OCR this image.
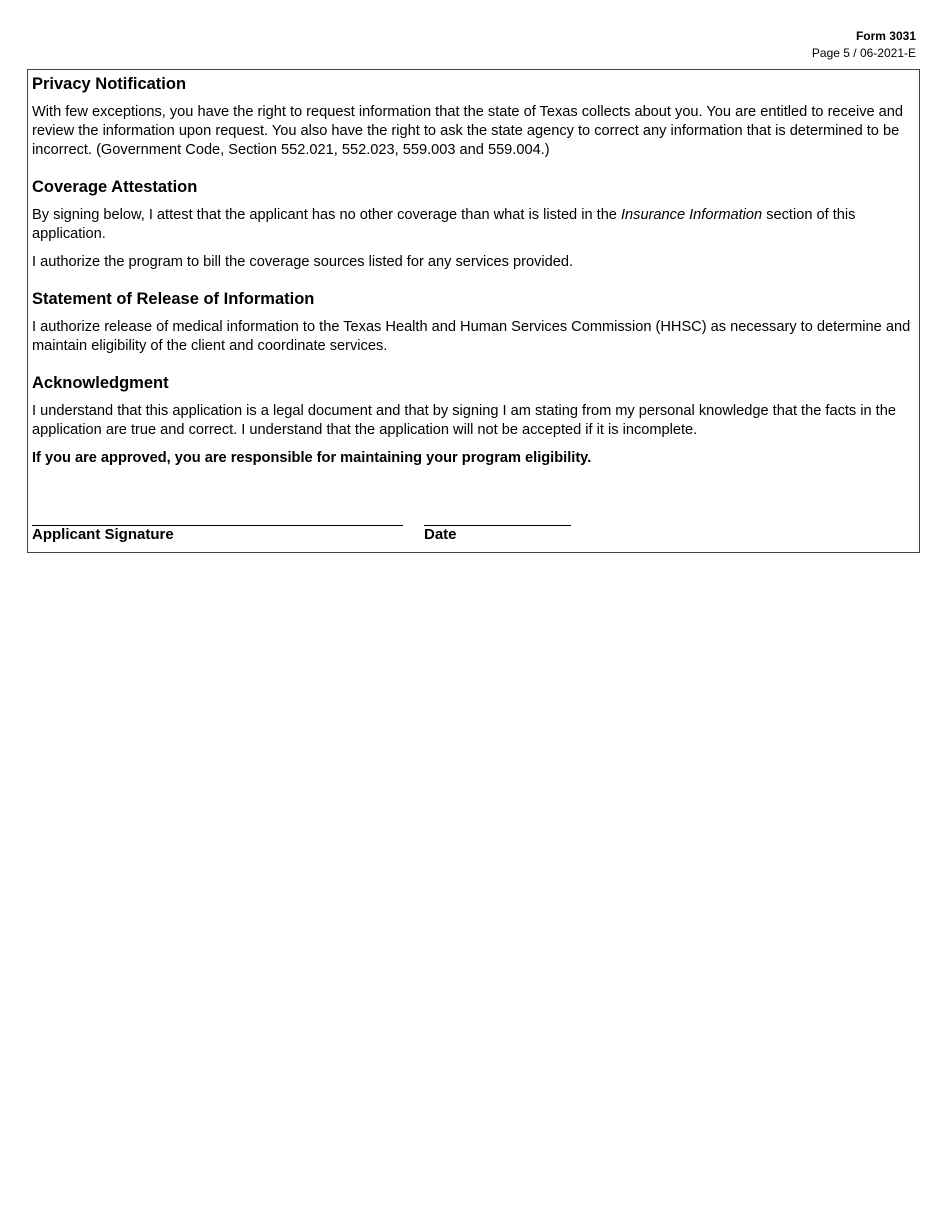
Form 3031
Page 5 / 06-2021-E
Privacy Notification

With few exceptions, you have the right to request information that the state of Texas collects about you. You are entitled to receive and review the information upon request. You also have the right to ask the state agency to correct any information that is determined to be incorrect. (Government Code, Section 552.021, 552.023, 559.003 and 559.004.)

Coverage Attestation

By signing below, I attest that the applicant has no other coverage than what is listed in the Insurance Information section of this application.

I authorize the program to bill the coverage sources listed for any services provided.

Statement of Release of Information

I authorize release of medical information to the Texas Health and Human Services Commission (HHSC) as necessary to determine and maintain eligibility of the client and coordinate services.

Acknowledgment

I understand that this application is a legal document and that by signing I am stating from my personal knowledge that the facts in the application are true and correct. I understand that the application will not be accepted if it is incomplete.

If you are approved, you are responsible for maintaining your program eligibility.

Applicant Signature	Date
